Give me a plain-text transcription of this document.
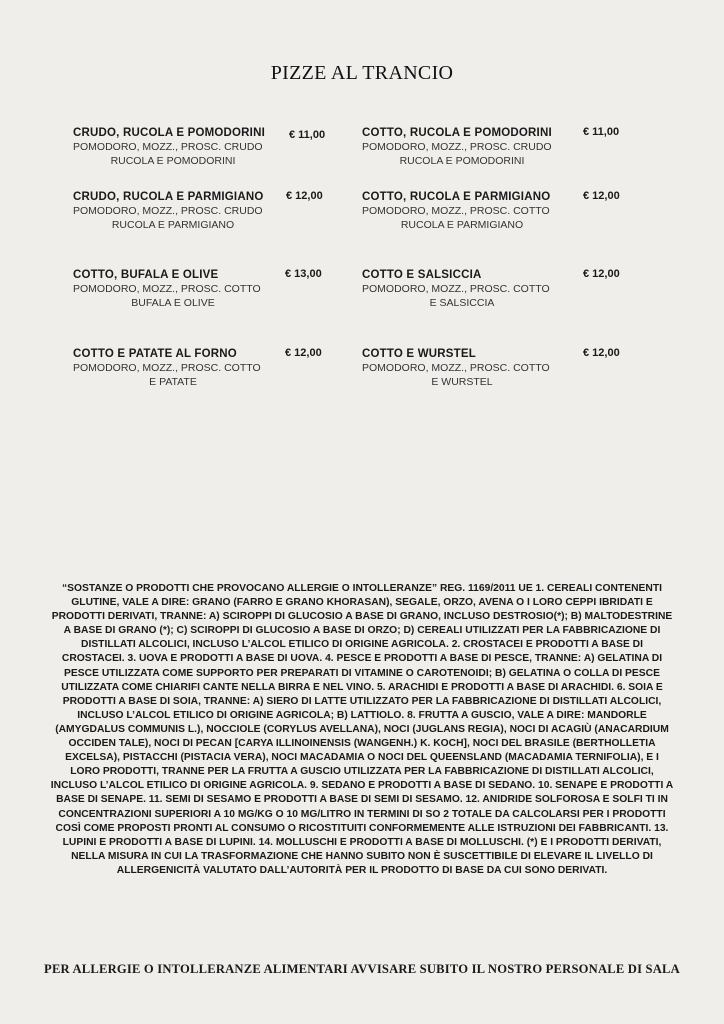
PIZZE AL TRANCIO
CRUDO, RUCOLA E POMODORINI	€ 11,00
POMODORO, MOZZ., PROSC. CRUDO
RUCOLA E POMODORINI
COTTO, RUCOLA E POMODORINI	€ 11,00
POMODORO, MOZZ., PROSC. CRUDO
RUCOLA E POMODORINI
CRUDO, RUCOLA E PARMIGIANO	€ 12,00
POMODORO, MOZZ., PROSC. CRUDO
RUCOLA E PARMIGIANO
COTTO, RUCOLA E PARMIGIANO	€ 12,00
POMODORO, MOZZ., PROSC. COTTO
RUCOLA E PARMIGIANO
COTTO, BUFALA E OLIVE	€ 13,00
POMODORO, MOZZ., PROSC. COTTO
BUFALA E OLIVE
COTTO E SALSICCIA	€ 12,00
POMODORO, MOZZ., PROSC. COTTO
E SALSICCIA
COTTO E PATATE AL FORNO	€ 12,00
POMODORO, MOZZ., PROSC. COTTO
E PATATE
COTTO E WURSTEL	€ 12,00
POMODORO, MOZZ., PROSC. COTTO
E WURSTEL
“SOSTANZE O PRODOTTI CHE PROVOCANO ALLERGIE O INTOLLERANZE” REG. 1169/2011 UE 1. CEREALI CONTENENTI GLUTINE, VALE A DIRE: GRANO (FARRO E GRANO KHORASAN), SEGALE, ORZO, AVENA O I LORO CEPPI IBRIDATI E PRODOTTI DERIVATI, TRANNE: A) SCIROPPI DI GLUCOSIO A BASE DI GRANO, INCLUSO DESTROSIO(*); B) MALTODESTRINE A BASE DI GRANO (*); C) SCIROPPI DI GLUCOSIO A BASE DI ORZO; D) CEREALI UTILIZZATI PER LA FABBRICAZIONE DI DISTILLATI ALCOLICI, INCLUSO L’ALCOL ETILICO DI ORIGINE AGRICOLA. 2. CROSTACEI E PRODOTTI A BASE DI CROSTACEI. 3. UOVA E PRODOTTI A BASE DI UOVA. 4. PESCE E PRODOTTI A BASE DI PESCE, TRANNE: A) GELATINA DI PESCE UTILIZZATA COME SUPPORTO PER PREPARATI DI VITAMINE O CAROTENOIDI; B) GELATINA O COLLA DI PESCE UTILIZZATA COME CHIARIFI CANTE NELLA BIRRA E NEL VINO. 5. ARACHIDI E PRODOTTI A BASE DI ARACHIDI. 6. SOIA E PRODOTTI A BASE DI SOIA, TRANNE: A) SIERO DI LATTE UTILIZZATO PER LA FABBRICAZIONE DI DISTILLATI ALCOLICI, INCLUSO L’ALCOL ETILICO DI ORIGINE AGRICOLA; B) LATTIOLO. 8. FRUTTA A GUSCIO, VALE A DIRE: MANDORLE (AMYGDALUS COMMUNIS L.), NOCCIOLE (CORYLUS AVELLANA), NOCI (JUGLANS REGIA), NOCI DI ACAGIÙ (ANACARDIUM OCCIDEN TALE), NOCI DI PECAN [CARYA ILLINOINENSIS (WANGENH.) K. KOCH], NOCI DEL BRASILE (BERTHOLLETIA EXCELSA), PISTACCHI (PISTACIA VERA), NOCI MACADAMIA O NOCI DEL QUEENSLAND (MACADAMIA TERNIFOLIA), E I LORO PRODOTTI, TRANNE PER LA FRUTTA A GUSCIO UTILIZZATA PER LA FABBRICAZIONE DI DISTILLATI ALCOLICI, INCLUSO L’ALCOL ETILICO DI ORIGINE AGRICOLA. 9. SEDANO E PRODOTTI A BASE DI SEDANO. 10. SENAPE E PRODOTTI A BASE DI SENAPE. 11. SEMI DI SESAMO E PRODOTTI A BASE DI SEMI DI SESAMO. 12. ANIDRIDE SOLFOROSA E SOLFI TI IN CONCENTRAZIONI SUPERIORI A 10 MG/KG O 10 MG/LITRO IN TERMINI DI SO 2 TOTALE DA CALCOLARSI PER I PRODOTTI COSÌ COME PROPOSTI PRONTI AL CONSUMO O RICOSTITUITI CONFORMEMENTE ALLE ISTRUZIONI DEI FABBRICANTI. 13. LUPINI E PRODOTTI A BASE DI LUPINI. 14. MOLLUSCHI E PRODOTTI A BASE DI MOLLUSCHI. (*) E I PRODOTTI DERIVATI, NELLA MISURA IN CUI LA TRASFORMAZIONE CHE HANNO SUBITO NON È SUSCETTIBILE DI ELEVARE IL LIVELLO DI ALLERGENICITÀ VALUTATO DALL’AUTORITÀ PER IL PRODOTTO DI BASE DA CUI SONO DERIVATI.
PER ALLERGIE O INTOLLERANZE ALIMENTARI AVVISARE SUBITO IL NOSTRO PERSONALE DI SALA
